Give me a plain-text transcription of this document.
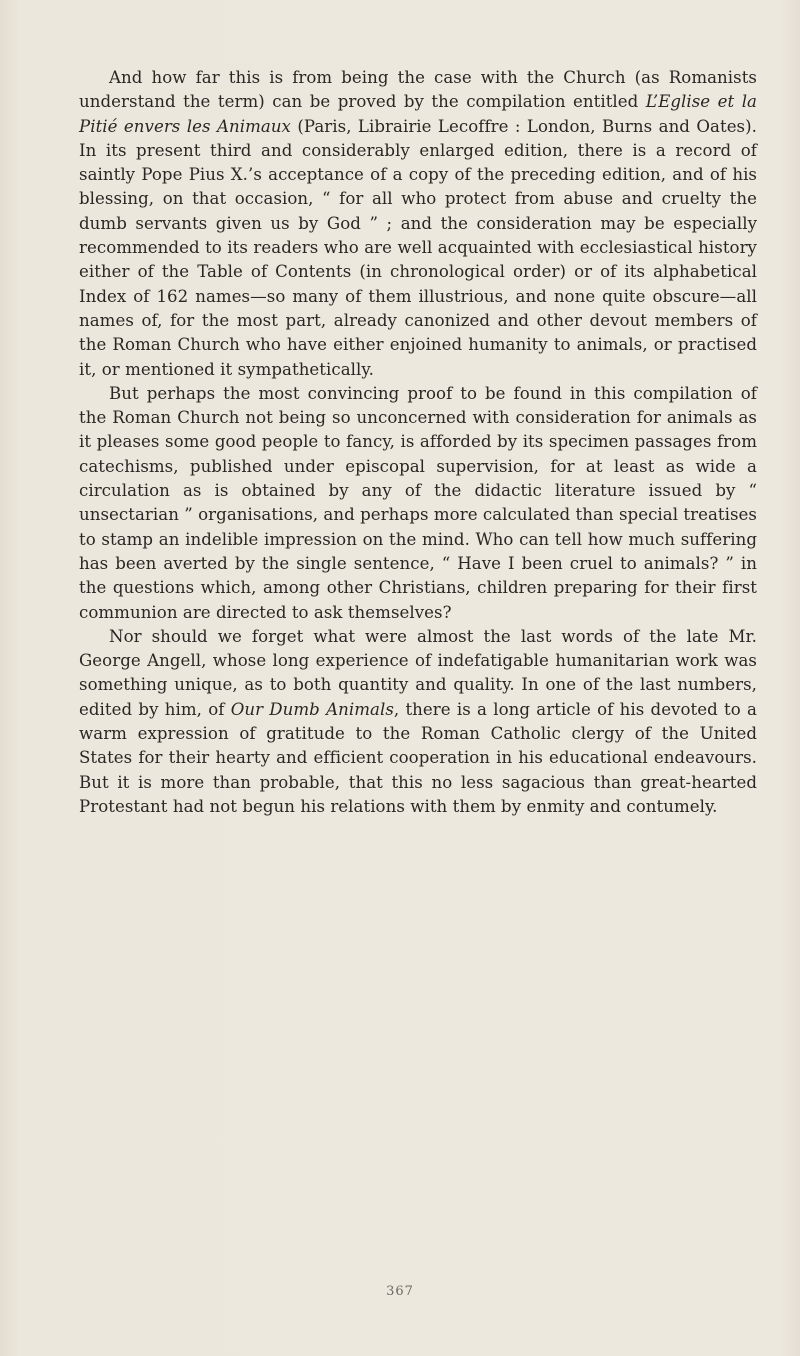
And how far this is from being the case with the Church (as Romanists understand the term) can be proved by the compilation entitled L’Eglise et la Pitié envers les Animaux (Paris, Librairie Lecoffre : London, Burns and Oates). In its present third and considerably enlarged edition, there is a record of saintly Pope Pius X.’s acceptance of a copy of the preceding edition, and of his blessing, on that occasion, “ for all who protect from abuse and cruelty the dumb servants given us by God ” ; and the consideration may be especially recommended to its readers who are well acquainted with ecclesiastical history either of the Table of Contents (in chronological order) or of its alphabetical Index of 162 names—so many of them illustrious, and none quite obscure—all names of, for the most part, already canonized and other devout members of the Roman Church who have either enjoined humanity to animals, or practised it, or mentioned it sympathetically.

But perhaps the most convincing proof to be found in this compilation of the Roman Church not being so unconcerned with consideration for animals as it pleases some good people to fancy, is afforded by its specimen passages from catechisms, published under episcopal supervision, for at least as wide a circulation as is obtained by any of the didactic literature issued by “ unsectarian ” organisations, and perhaps more calculated than special treatises to stamp an indelible impression on the mind. Who can tell how much suffering has been averted by the single sentence, “ Have I been cruel to animals? ” in the questions which, among other Christians, children preparing for their first communion are directed to ask themselves?

Nor should we forget what were almost the last words of the late Mr. George Angell, whose long experience of indefatigable humanitarian work was something unique, as to both quantity and quality. In one of the last numbers, edited by him, of Our Dumb Animals, there is a long article of his devoted to a warm expression of gratitude to the Roman Catholic clergy of the United States for their hearty and efficient cooperation in his educational endeavours. But it is more than probable, that this no less sagacious than great-hearted Protestant had not begun his relations with them by enmity and contumely.

367
